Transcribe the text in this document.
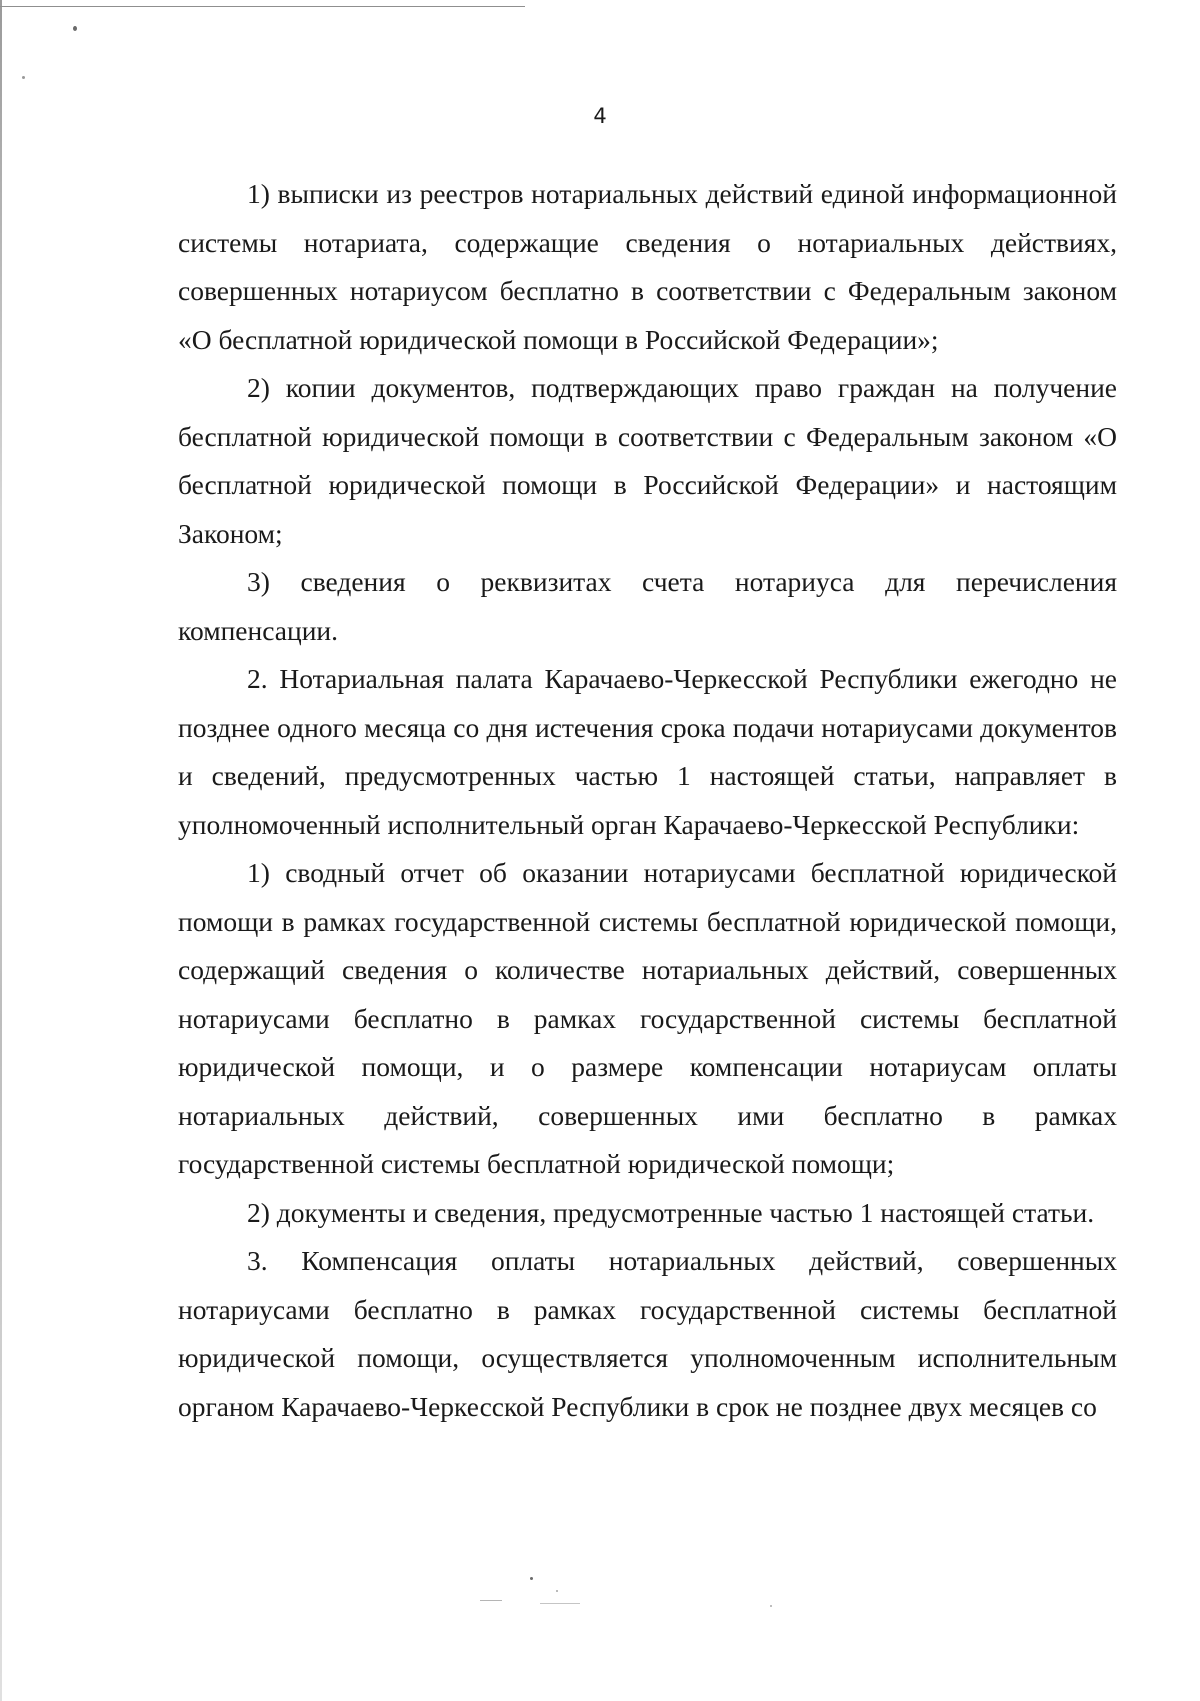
4

1) выписки из реестров нотариальных действий единой информационной системы нотариата, содержащие сведения о нотариальных действиях, совершенных нотариусом бесплатно в соответствии с Федеральным законом «О бесплатной юридической помощи в Российской Федерации»;

2) копии документов, подтверждающих право граждан на получение бесплатной юридической помощи в соответствии с Федеральным законом «О бесплатной юридической помощи в Российской Федерации» и настоящим Законом;

3) сведения о реквизитах счета нотариуса для перечисления компенсации.

2. Нотариальная палата Карачаево-Черкесской Республики ежегодно не позднее одного месяца со дня истечения срока подачи нотариусами документов и сведений, предусмотренных частью 1 настоящей статьи, направляет в уполномоченный исполнительный орган Карачаево-Черкесской Республики:

1) сводный отчет об оказании нотариусами бесплатной юридической помощи в рамках государственной системы бесплатной юридической помощи, содержащий сведения о количестве нотариальных действий, совершенных нотариусами бесплатно в рамках государственной системы бесплатной юридической помощи, и о размере компенсации нотариусам оплаты нотариальных действий, совершенных ими бесплатно в рамках государственной системы бесплатной юридической помощи;

2) документы и сведения, предусмотренные частью 1 настоящей статьи.

3. Компенсация оплаты нотариальных действий, совершенных нотариусами бесплатно в рамках государственной системы бесплатной юридической помощи, осуществляется уполномоченным исполнительным органом Карачаево-Черкесской Республики в срок не позднее двух месяцев со
